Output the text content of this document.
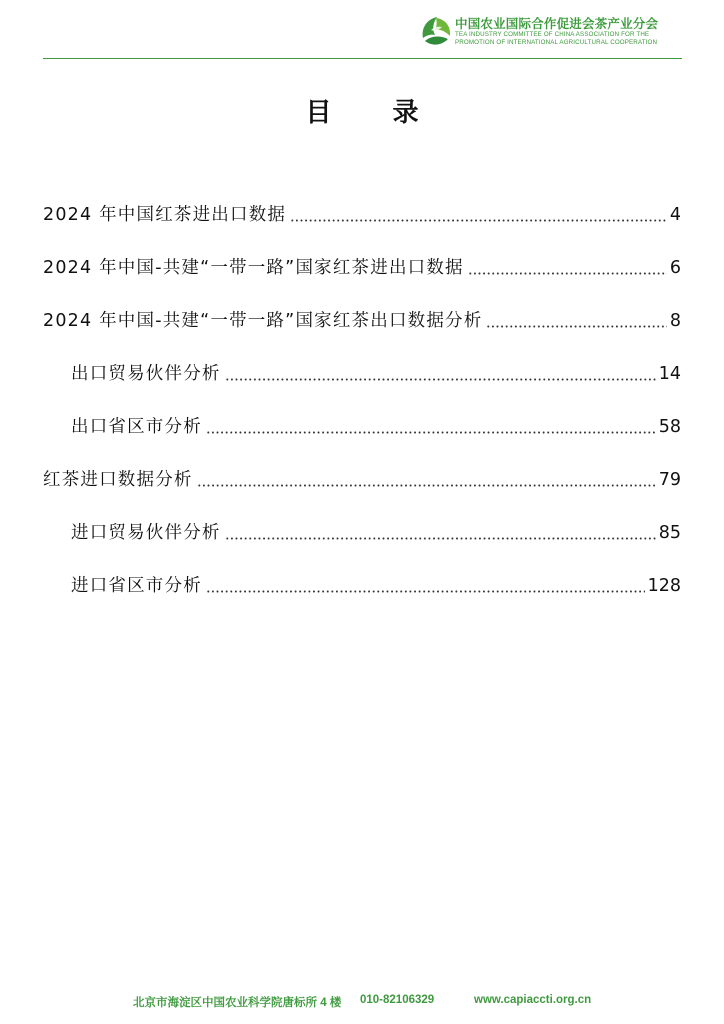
中国农业国际合作促进会茶产业分会
TEA INDUSTRY COMMITTEE OF CHINA ASSOCIATION FOR THE
PROMOTION OF INTERNATIONAL AGRICULTURAL COOPERATION
目 录
2024 年中国红茶进出口数据	4
2024 年中国-共建“一带一路”国家红茶进出口数据	6
2024 年中国-共建“一带一路”国家红茶出口数据分析	8
出口贸易伙伴分析	14
出口省区市分析	58
红茶进口数据分析	79
进口贸易伙伴分析	85
进口省区市分析	128
北京市海淀区中国农业科学院唐标所 4 楼 010-82106329	www.capiaccti.org.cn
